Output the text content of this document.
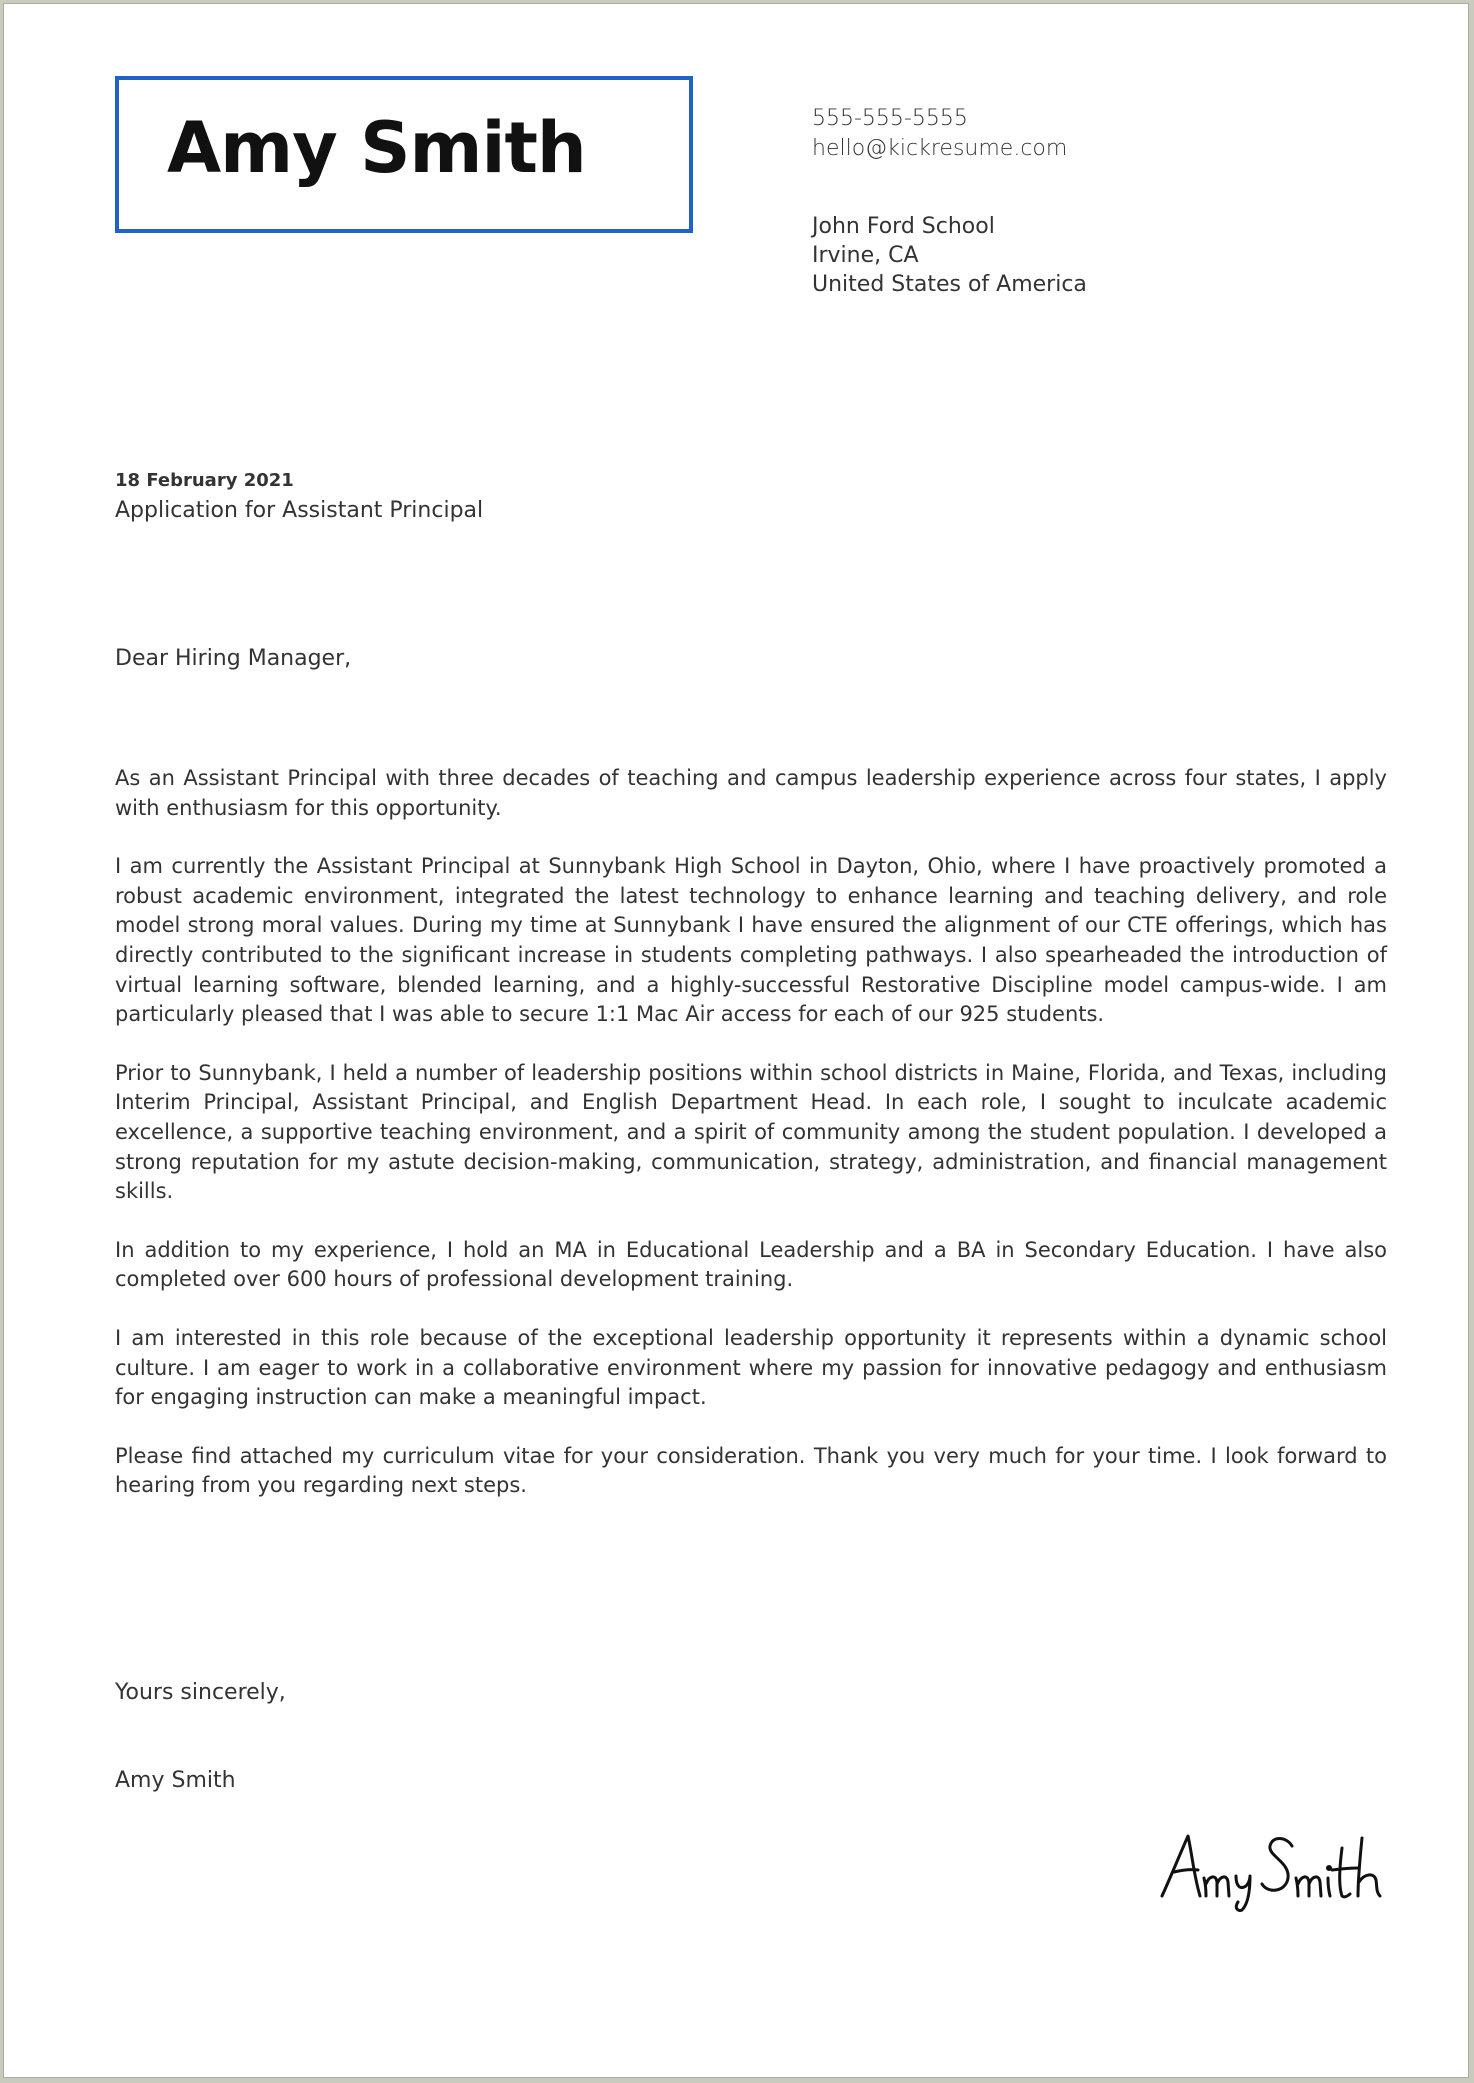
Amy Smith	555-555-5555
hello@kickresume.com
John Ford School
Irvine, CA
United States of America
18 February 2021
Application for Assistant Principal
Dear Hiring Manager,

As an Assistant Principal with three decades of teaching and campus leadership experience across four states, I apply with enthusiasm for this opportunity.

I am currently the Assistant Principal at Sunnybank High School in Dayton, Ohio, where I have proactively promoted a robust academic environment, integrated the latest technology to enhance learning and teaching delivery, and role model strong moral values. During my time at Sunnybank I have ensured the alignment of our CTE offerings, which has directly contributed to the significant increase in students completing pathways. I also spearheaded the introduction of virtual learning software, blended learning, and a highly-successful Restorative Discipline model campus-wide. I am particularly pleased that I was able to secure 1:1 Mac Air access for each of our 925 students.

Prior to Sunnybank, I held a number of leadership positions within school districts in Maine, Florida, and Texas, including Interim Principal, Assistant Principal, and English Department Head. In each role, I sought to inculcate academic excellence, a supportive teaching environment, and a spirit of community among the student population. I developed a strong reputation for my astute decision-making, communication, strategy, administration, and financial management skills.

In addition to my experience, I hold an MA in Educational Leadership and a BA in Secondary Education. I have also completed over 600 hours of professional development training.

I am interested in this role because of the exceptional leadership opportunity it represents within a dynamic school culture. I am eager to work in a collaborative environment where my passion for innovative pedagogy and enthusiasm for engaging instruction can make a meaningful impact.

Please find attached my curriculum vitae for your consideration. Thank you very much for your time. I look forward to hearing from you regarding next steps.

Yours sincerely,
Amy Smith
